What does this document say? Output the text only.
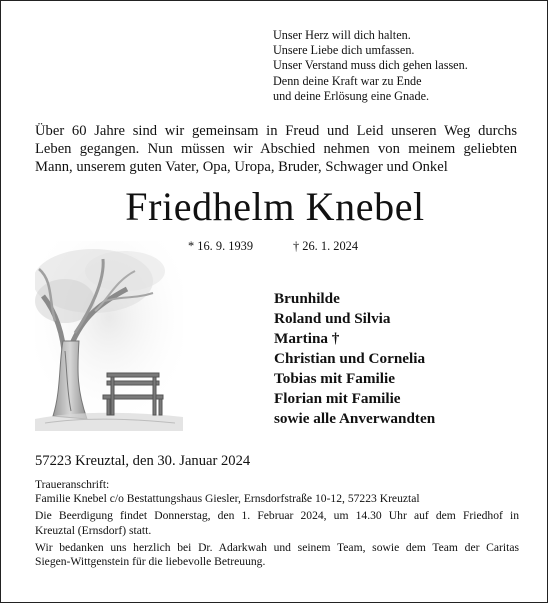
Unser Herz will dich halten.
Unsere Liebe dich umfassen.
Unser Verstand muss dich gehen lassen.
Denn deine Kraft war zu Ende
und deine Erlösung eine Gnade.
Über 60 Jahre sind wir gemeinsam in Freud und Leid unseren Weg durchs
Leben gegangen. Nun müssen wir Abschied nehmen von meinem geliebten
Mann, unserem guten Vater, Opa, Uropa, Bruder, Schwager und Onkel
Friedhelm Knebel
* 16. 9. 1939	† 26. 1. 2024
Brunhilde
Roland und Silvia
Martina †
Christian und Cornelia
Tobias mit Familie
Florian mit Familie
sowie alle Anverwandten
57223 Kreuztal, den 30. Januar 2024
Traueranschrift:
Familie Knebel c/o Bestattungshaus Giesler, Ernsdorfstraße 10-12, 57223 Kreuztal
Die Beerdigung findet Donnerstag, den 1. Februar 2024, um 14.30 Uhr auf dem Friedhof in
Kreuztal (Ernsdorf) statt.
Wir bedanken uns herzlich bei Dr. Adarkwah und seinem Team, sowie dem Team der Caritas
Siegen-Wittgenstein für die liebevolle Betreuung.
